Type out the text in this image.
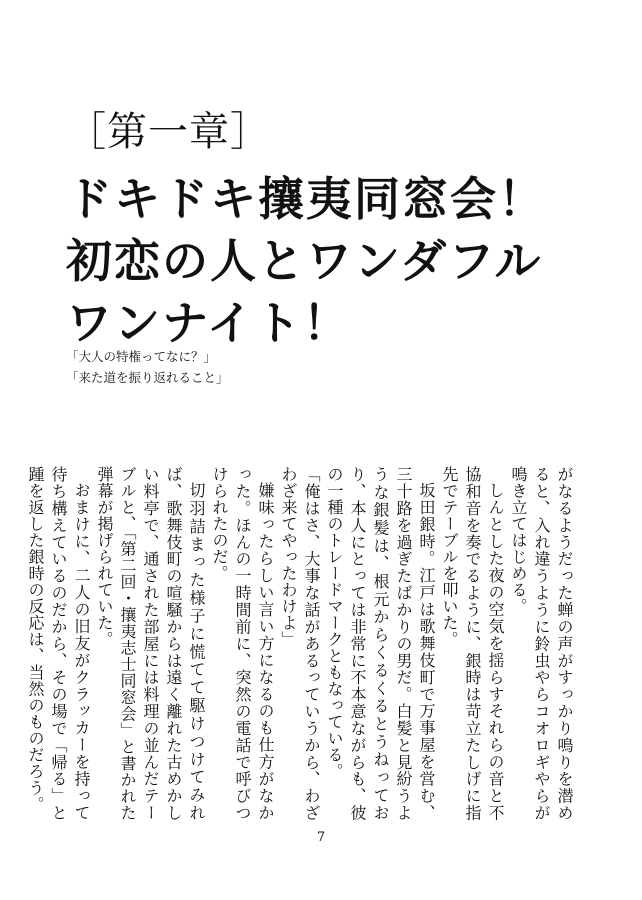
［第一章］
ドキドキ攘夷同窓会！
初恋の人とワンダフル
ワンナイト！
「大人の特権ってなに？」
「来た道を振り返れること」

がなるようだった蝉の声がすっかり鳴りを潜めると、入れ違うように鈴虫やらコオロギやらが鳴き立てはじめる。

しんとした夜の空気を揺らすそれらの音と不協和音を奏でるように、銀時は苛立たしげに指先でテーブルを叩いた。

坂田銀時。江戸は歌舞伎町で万事屋を営む、三十路を過ぎたばかりの男だ。白髪と見紛うような銀髪は、根元からくるくるとうねっており、本人にとっては非常に不本意ながらも、彼の一種のトレードマークともなっている。

「俺はさ、大事な話があるっていうから、わざわざ来てやったわけよ」

嫌味ったらしい言い方になるのも仕方がなかった。ほんの一時間前に、突然の電話で呼びつけられたのだ。

切羽詰まった様子に慌てて駆けつけてみれば、歌舞伎町の喧騒からは遠く離れた古めかしい料亭で、通された部屋には料理の並んだテーブルと、「第二回・攘夷志士同窓会」と書かれた弾幕が掲げられていた。

おまけに、二人の旧友がクラッカーを持って待ち構えているのだから、その場で「帰る」と踵を返した銀時の反応は、当然のものだろう。

7
